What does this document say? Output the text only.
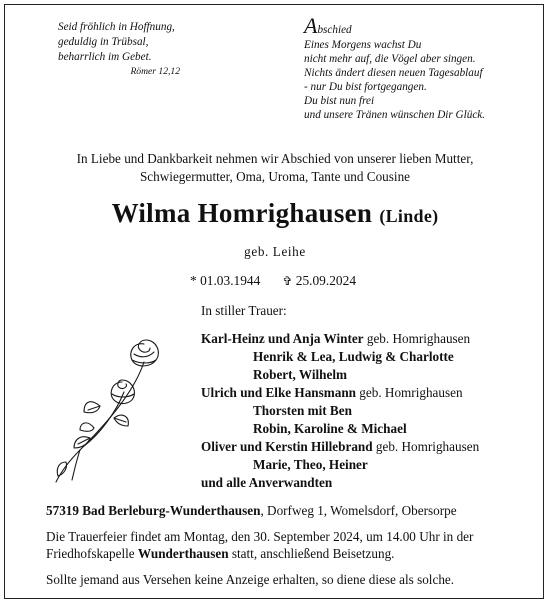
Seid fröhlich in Hoffnung,
geduldig in Trübsal,
beharrlich im Gebet.
Römer 12,12
Abschied
Eines Morgens wachst Du
nicht mehr auf, die Vögel aber singen.
Nichts ändert diesen neuen Tagesablauf
- nur Du bist fortgegangen.
Du bist nun frei
und unsere Tränen wünschen Dir Glück.
In Liebe und Dankbarkeit nehmen wir Abschied von unserer lieben Mutter,
Schwiegermutter, Oma, Uroma, Tante und Cousine
Wilma Homrighausen (Linde)
geb. Leihe
* 01.03.1944 ✞ 25.09.2024
In stiller Trauer:
Karl-Heinz und Anja Winter geb. Homrighausen
Henrik & Lea, Ludwig & Charlotte
Robert, Wilhelm
Ulrich und Elke Hansmann geb. Homrighausen
Thorsten mit Ben
Robin, Karoline & Michael
Oliver und Kerstin Hillebrand geb. Homrighausen
Marie, Theo, Heiner
und alle Anverwandten
57319 Bad Berleburg-Wunderthausen, Dorfweg 1, Womelsdorf, Obersorpe
Die Trauerfeier findet am Montag, den 30. September 2024, um 14.00 Uhr in der Friedhofskapelle Wunderthausen statt, anschließend Beisetzung.
Sollte jemand aus Versehen keine Anzeige erhalten, so diene diese als solche.
